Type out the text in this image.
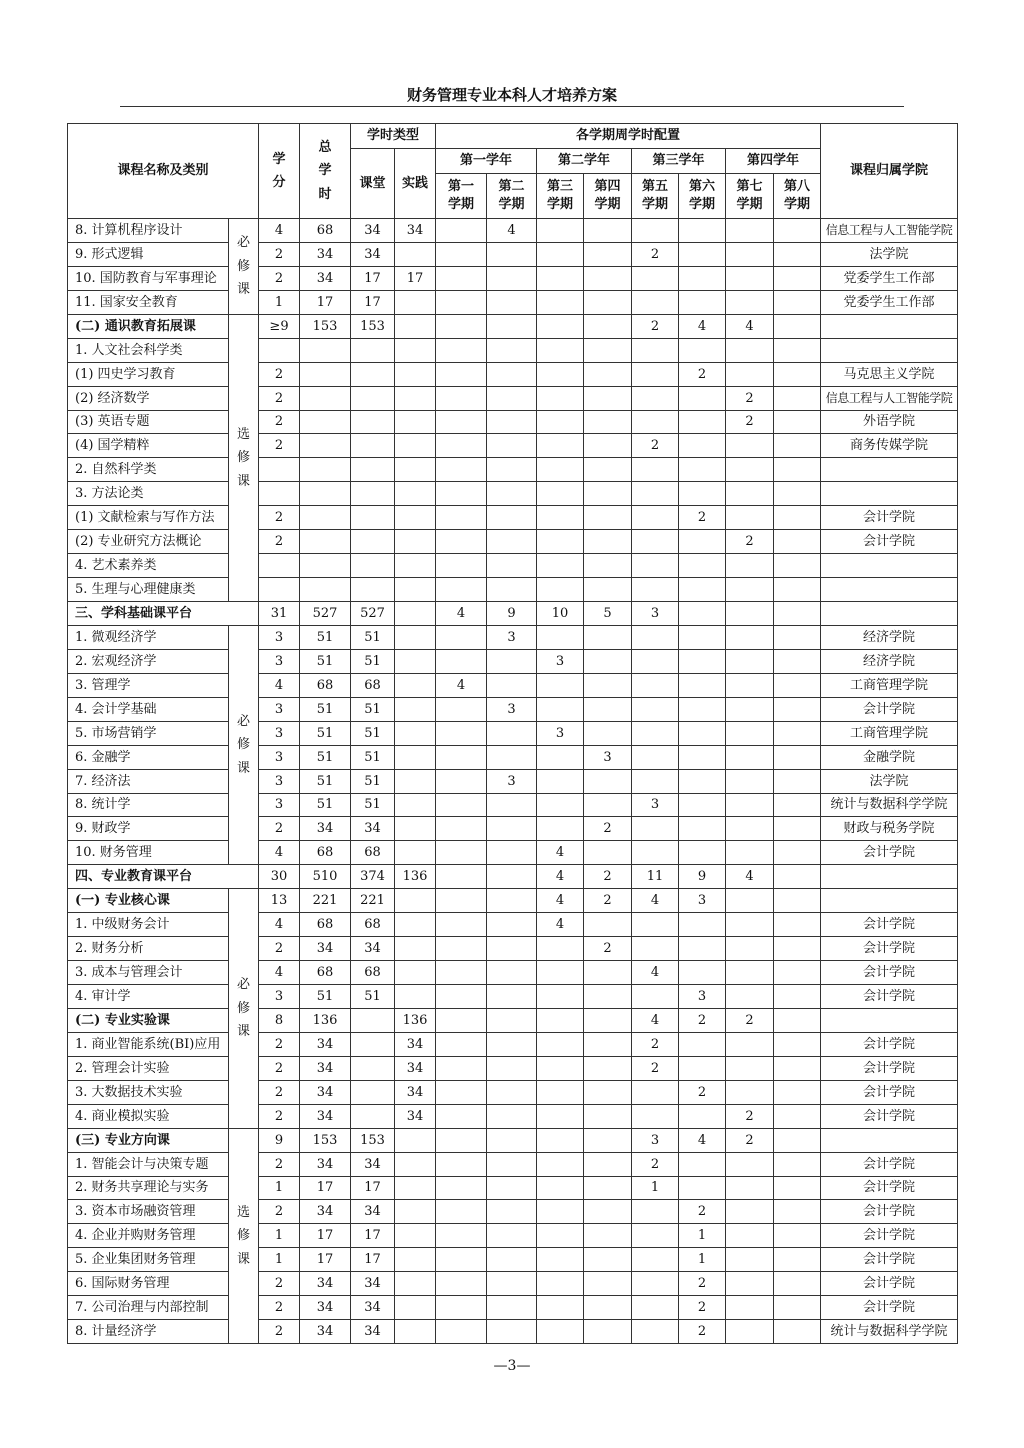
财务管理专业本科人才培养方案
课程名称及类别		学分	总学时	学时类型		各学期周学时配置								课程归属学院
				课堂	实践	第一学年		第二学年		第三学年		第四学年		

						第一学期	第二学期	第三学期	第四学期	第五学期	第六学期	第七学期	第八学期	

8. 计算机程序设计	必修课	4	68	34	34		4							信息工程与人工智能学院
9. 形式逻辑		2	34	34						2				法学院
10. 国防教育与军事理论		2	34	17	17									党委学生工作部
11. 国家安全教育		1	17	17										党委学生工作部
(二) 通识教育拓展课	选修课	≥9	153	153						2	4	4		
1. 人文社会科学类														
(1) 四史学习教育		2									2			马克思主义学院
(2) 经济数学		2										2		信息工程与人工智能学院
(3) 英语专题		2										2		外语学院
(4) 国学精粹		2								2				商务传媒学院
2. 自然科学类														
3. 方法论类														
(1) 文献检索与写作方法		2									2			会计学院
(2) 专业研究方法概论		2										2		会计学院
4. 艺术素养类														
5. 生理与心理健康类														
三、学科基础课平台		31	527	527		4	9	10	5	3				
1. 微观经济学	必修课	3	51	51			3							经济学院
2. 宏观经济学		3	51	51				3						经济学院
3. 管理学		4	68	68		4								工商管理学院
4. 会计学基础		3	51	51			3							会计学院
5. 市场营销学		3	51	51				3						工商管理学院
6. 金融学		3	51	51					3					金融学院
7. 经济法		3	51	51			3							法学院
8. 统计学		3	51	51						3				统计与数据科学学院
9. 财政学		2	34	34					2					财政与税务学院
10. 财务管理		4	68	68				4						会计学院
四、专业教育课平台		30	510	374	136			4	2	11	9	4		
(一) 专业核心课	必修课	13	221	221				4	2	4	3			
1. 中级财务会计		4	68	68				4						会计学院
2. 财务分析		2	34	34					2					会计学院
3. 成本与管理会计		4	68	68						4				会计学院
4. 审计学		3	51	51							3			会计学院
(二) 专业实验课		8	136		136					4	2	2		
1. 商业智能系统(BI)应用		2	34		34					2				会计学院
2. 管理会计实验		2	34		34					2				会计学院
3. 大数据技术实验		2	34		34						2			会计学院
4. 商业模拟实验		2	34		34							2		会计学院
(三) 专业方向课	选修课	9	153	153						3	4	2		
1. 智能会计与决策专题		2	34	34						2				会计学院
2. 财务共享理论与实务		1	17	17						1				会计学院
3. 资本市场融资管理		2	34	34							2			会计学院
4. 企业并购财务管理		1	17	17							1			会计学院
5. 企业集团财务管理		1	17	17							1			会计学院
6. 国际财务管理		2	34	34							2			会计学院
7. 公司治理与内部控制		2	34	34							2			会计学院
8. 计量经济学		2	34	34							2			统计与数据科学学院
—3—
